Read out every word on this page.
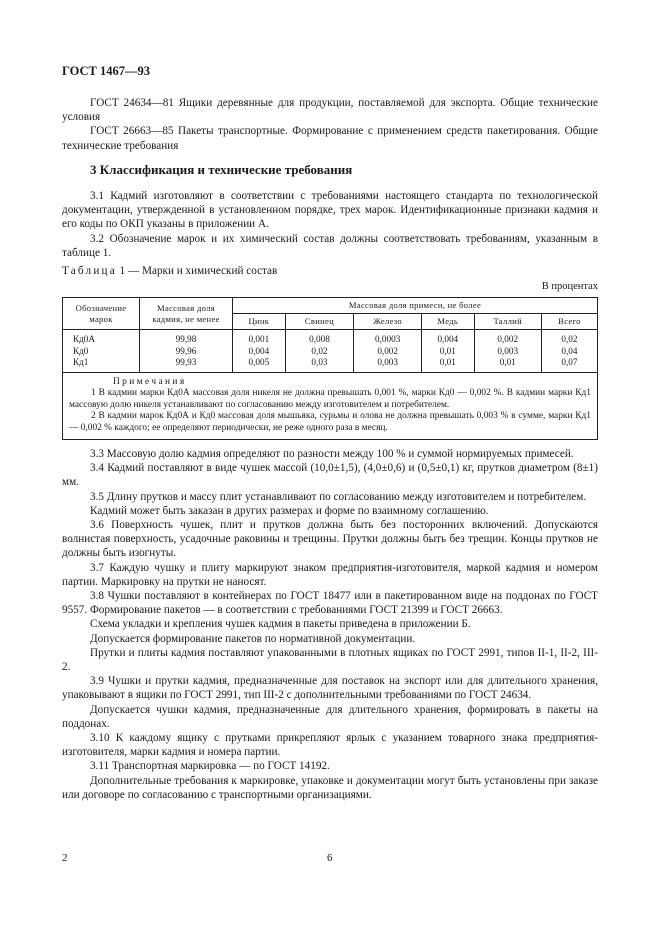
ГОСТ 1467—93

ГОСТ 24634—81 Ящики деревянные для продукции, поставляемой для экспорта. Общие технические условия

ГОСТ 26663—85 Пакеты транспортные. Формирование с применением средств пакетирования. Общие технические требования

3 Классификация и технические требования

3.1 Кадмий изготовляют в соответствии с требованиями настоящего стандарта по технологической документации, утвержденной в установленном порядке, трех марок. Идентификационные признаки кадмия и его коды по ОКП указаны в приложении А.

3.2 Обозначение марок и их химический состав должны соответствовать требованиям, указанным в таблице 1.

Таблица 1 — Марки и химический состав

В процентах
Обозначение марок	Массовая доля кадмия, не менее	Массовая доля примеси, не более					
		Цинк	Свинец	Железо	Медь	Таллий	Всего
Кд0А	99,98	0,001	0,008	0,0003	0,004	0,002	0,02
Кд0	99,96	0,004	0,02	0,002	0,01	0,003	0,04
Кд1	99,93	0,005	0,03	0,003	0,01	0,01	0,07

Примечания

1 В кадмии марки Кд0А массовая доля никеля не должна превышать 0,001 %, марки Кд0 — 0,002 %. В кадмии марки Кд1 массовую долю никеля устанавливают по согласованию между изготовителем и потребителем.

2 В кадмии марок Кд0А и Кд0 массовая доля мышьяка, сурьмы и олова не должна превышать 0,003 % в сумме, марки Кд1 — 0,002 % каждого; ее определяют периодически, не реже одного раза в месяц.							

3.3 Массовую долю кадмия определяют по разности между 100 % и суммой нормируемых примесей.

3.4 Кадмий поставляют в виде чушек массой (10,0±1,5), (4,0±0,6) и (0,5±0,1) кг, прутков диаметром (8±1) мм.

3.5 Длину прутков и массу плит устанавливают по согласованию между изготовителем и потребителем.

Кадмий может быть заказан в других размерах и форме по взаимному соглашению.

3.6 Поверхность чушек, плит и прутков должна быть без посторонних включений. Допускаются волнистая поверхность, усадочные раковины и трещины. Прутки должны быть без трещин. Концы прутков не должны быть изогнуты.

3.7 Каждую чушку и плиту маркируют знаком предприятия-изготовителя, маркой кадмия и номером партии. Маркировку на прутки не наносят.

3.8 Чушки поставляют в контейнерах по ГОСТ 18477 или в пакетированном виде на поддонах по ГОСТ 9557. Формирование пакетов — в соответствии с требованиями ГОСТ 21399 и ГОСТ 26663.

Схема укладки и крепления чушек кадмия в пакеты приведена в приложении Б.

Допускается формирование пакетов по нормативной документации.

Прутки и плиты кадмия поставляют упакованными в плотных ящиках по ГОСТ 2991, типов II-1, II-2, III-2.

3.9 Чушки и прутки кадмия, предназначенные для поставок на экспорт или для длительного хранения, упаковывают в ящики по ГОСТ 2991, тип III-2 с дополнительными требованиями по ГОСТ 24634.

Допускается чушки кадмия, предназначенные для длительного хранения, формировать в пакеты на поддонах.

3.10 К каждому ящику с прутками прикрепляют ярлык с указанием товарного знака предприятия-изготовителя, марки кадмия и номера партии.

3.11 Транспортная маркировка — по ГОСТ 14192.

Дополнительные требования к маркировке, упаковке и документации могут быть установлены при заказе или договоре по согласованию с транспортными организациями.

2	6
